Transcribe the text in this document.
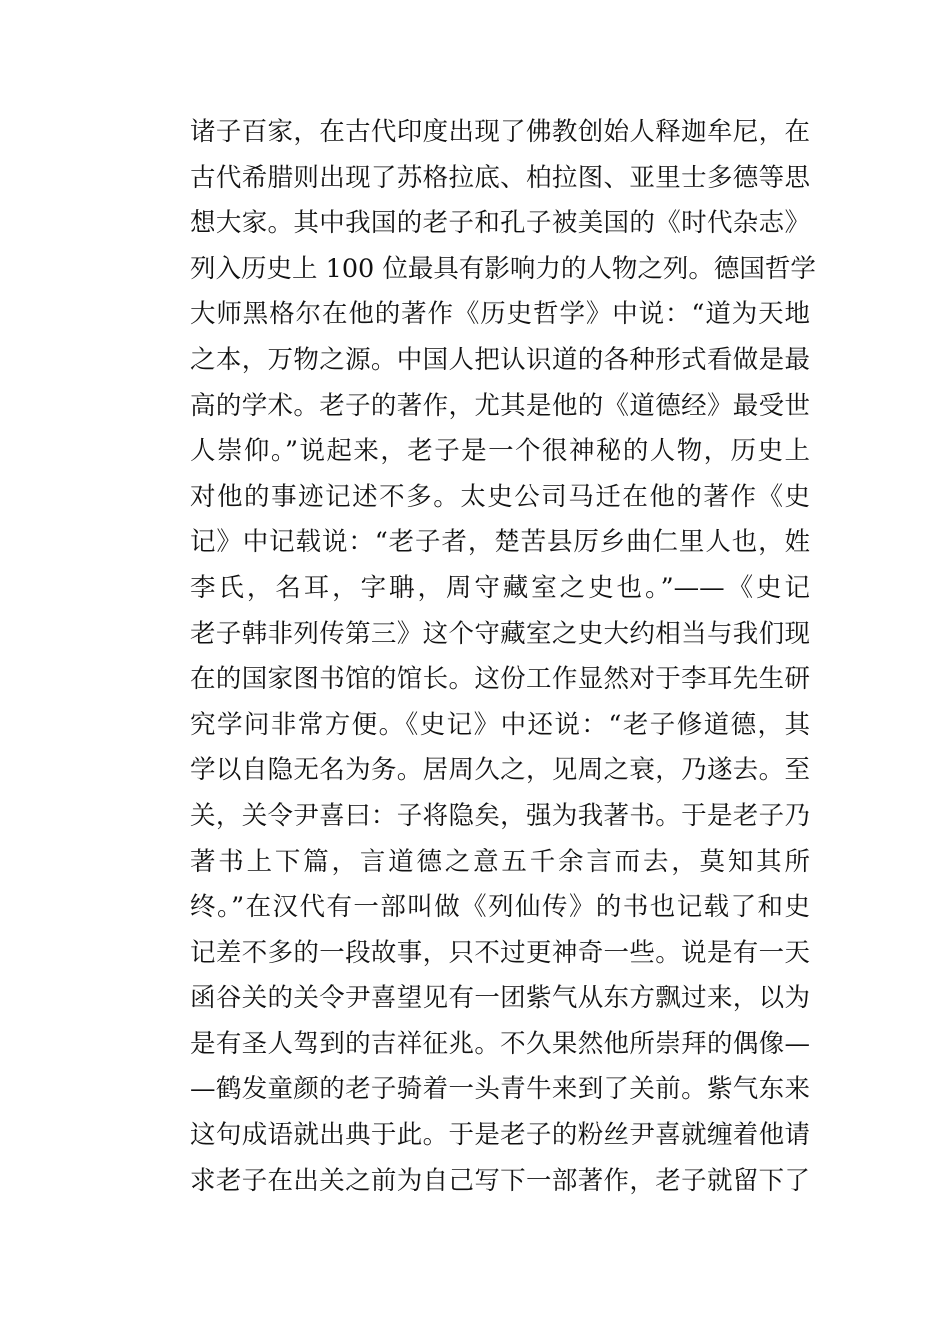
诸子百家，在古代印度出现了佛教创始人释迦牟尼，在
古代希腊则出现了苏格拉底、柏拉图、亚里士多德等思
想大家。其中我国的老子和孔子被美国的《时代杂志》
列入历史上 100 位最具有影响力的人物之列。德国哲学
大师黑格尔在他的著作《历史哲学》中说：“道为天地
之本，万物之源。中国人把认识道的各种形式看做是最
高的学术。老子的著作，尤其是他的《道德经》最受世
人崇仰。”说起来，老子是一个很神秘的人物，历史上
对他的事迹记述不多。太史公司马迁在他的著作《史
记》中记载说：“老子者，楚苦县厉乡曲仁里人也，姓
李氏，名耳，字聃，周守藏室之史也。”——《史记
老子韩非列传第三》这个守藏室之史大约相当与我们现
在的国家图书馆的馆长。这份工作显然对于李耳先生研
究学问非常方便。《史记》中还说：“老子修道德，其
学以自隐无名为务。居周久之，见周之衰，乃遂去。至
关，关令尹喜曰：子将隐矣，强为我著书。于是老子乃
著书上下篇，言道德之意五千余言而去，莫知其所
终。”在汉代有一部叫做《列仙传》的书也记载了和史
记差不多的一段故事，只不过更神奇一些。说是有一天
函谷关的关令尹喜望见有一团紫气从东方飘过来，以为
是有圣人驾到的吉祥征兆。不久果然他所崇拜的偶像—
—鹤发童颜的老子骑着一头青牛来到了关前。紫气东来
这句成语就出典于此。于是老子的粉丝尹喜就缠着他请
求老子在出关之前为自己写下一部著作，老子就留下了
